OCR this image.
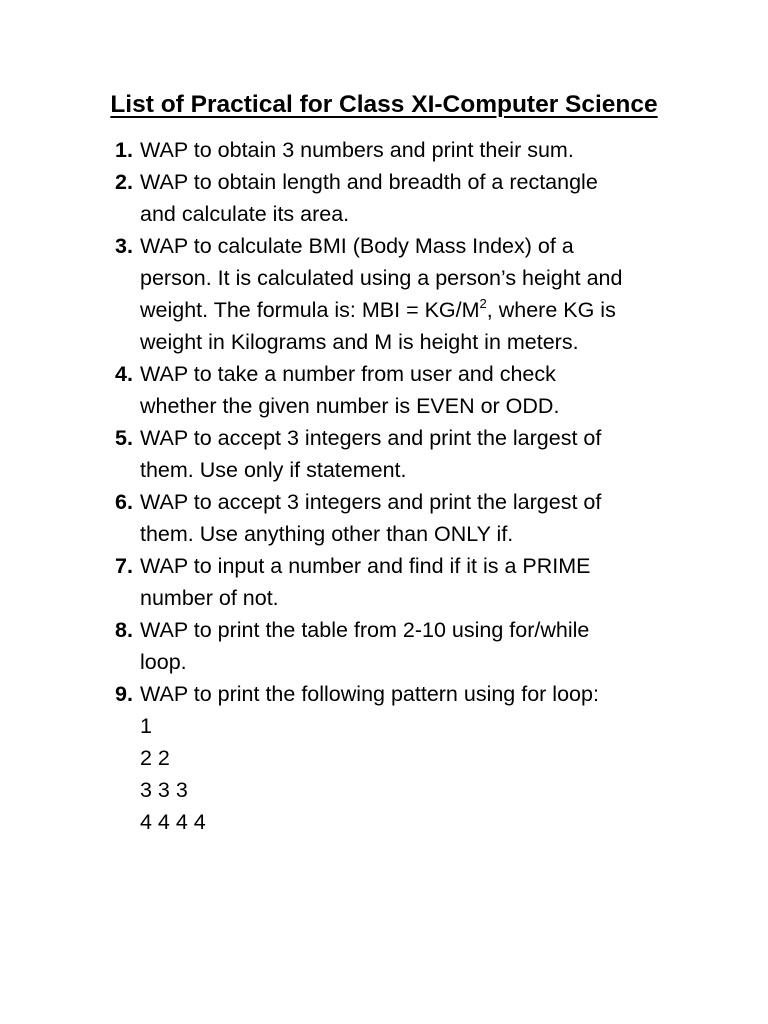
List of Practical for Class XI-Computer Science
1. WAP to obtain 3 numbers and print their sum.
2. WAP to obtain length and breadth of a rectangle
and calculate its area.
3. WAP to calculate BMI (Body Mass Index) of a
person. It is calculated using a person’s height and
weight. The formula is: MBI = $KG/M^2$, where KG is
weight in Kilograms and M is height in meters.
4. WAP to take a number from user and check
whether the given number is EVEN or ODD.
5. WAP to accept 3 integers and print the largest of
them. Use only if statement.
6. WAP to accept 3 integers and print the largest of
them. Use anything other than ONLY if.
7. WAP to input a number and find if it is a PRIME
number of not.
8. WAP to print the table from 2-10 using for/while
loop.
9. WAP to print the following pattern using for loop:
1
2 2
3 3 3
4 4 4 4
